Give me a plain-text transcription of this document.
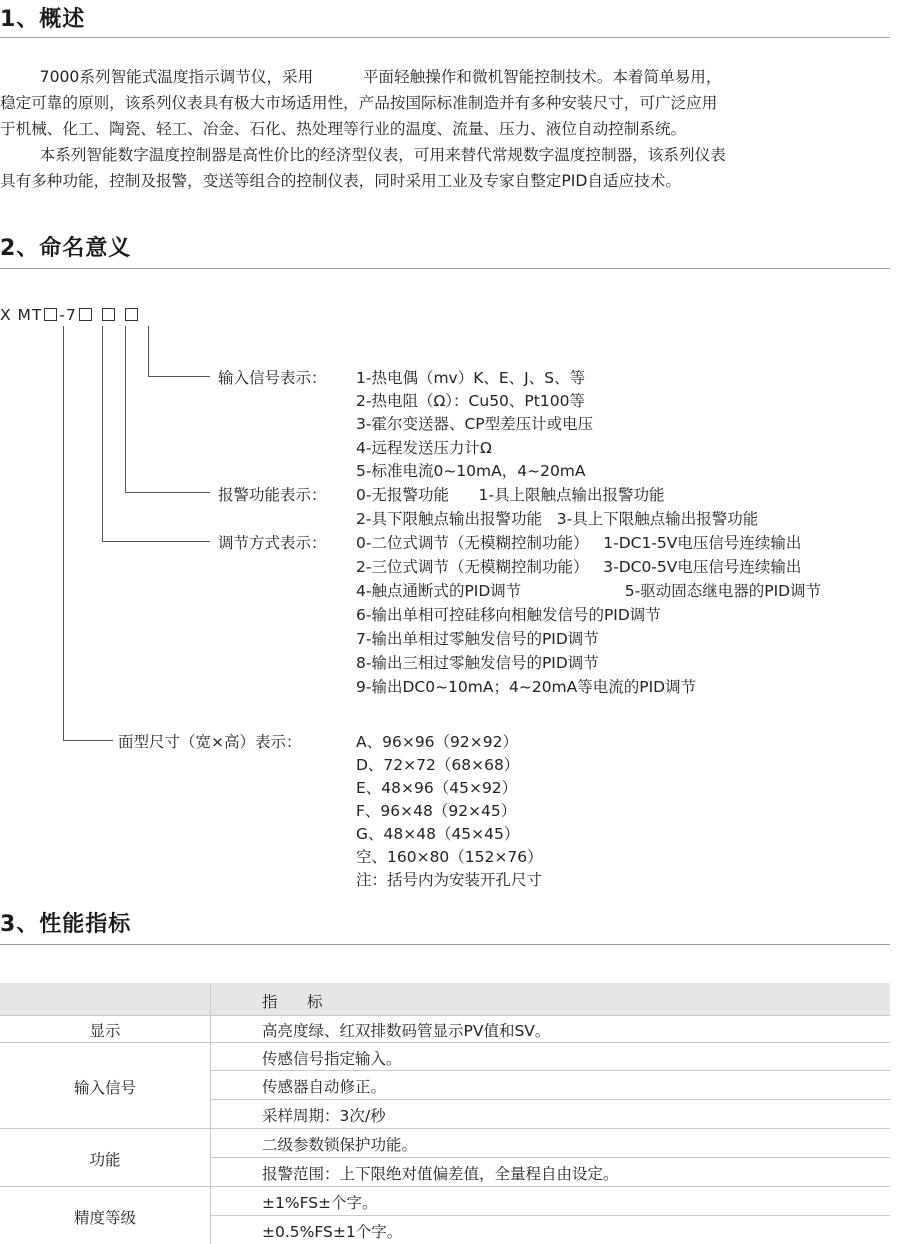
1、概述
7000系列智能式温度指示调节仪，采用          平面轻触操作和微机智能控制技术。本着简单易用，
稳定可靠的原则，该系列仪表具有极大市场适用性，产品按国际标准制造并有多种安装尺寸，可广泛应用
于机械、化工、陶瓷、轻工、冶金、石化、热处理等行业的温度、流量、压力、液位自动控制系统。
本系列智能数字温度控制器是高性价比的经济型仪表，可用来替代常规数字温度控制器，该系列仪表
具有多种功能，控制及报警，变送等组合的控制仪表，同时采用工业及专家自整定PID自适应技术。
2、命名意义
X MT -7
输入信号表示： 1-热电偶（mv）K、E、J、S、等
2-热电阻（Ω）：Cu50、Pt100等
3-霍尔变送器、CP型差压计或电压
4-远程发送压力计Ω
5-标准电流0~10mA，4~20mA
报警功能表示： 0-无报警功能      1-具上限触点输出报警功能
2-具下限触点输出报警功能   3-具上下限触点输出报警功能
调节方式表示： 0-二位式调节（无模糊控制功能）   1-DC1-5V电压信号连续输出
2-三位式调节（无模糊控制功能）   3-DC0-5V电压信号连续输出
4-触点通断式的PID调节                     5-驱动固态继电器的PID调节
6-输出单相可控硅移向相触发信号的PID调节
7-输出单相过零触发信号的PID调节
8-输出三相过零触发信号的PID调节
9-输出DC0~10mA；4~20mA等电流的PID调节
面型尺寸（宽×高）表示：	A、96×96（92×92）
D、72×72（68×68）
E、48×96（45×92）
F、96×48（92×45）
G、48×48（45×45）
空、160×80（152×76）
注：括号内为安装开孔尺寸
3、性能指标
指      标
显示	高亮度绿、红双排数码管显示PV值和SV。
输入信号
传感信号指定输入。
传感器自动修正。
采样周期：3次/秒
功能
二级参数锁保护功能。
报警范围：上下限绝对值偏差值，全量程自由设定。
精度等级
±1%FS±个字。
±0.5%FS±1个字。
